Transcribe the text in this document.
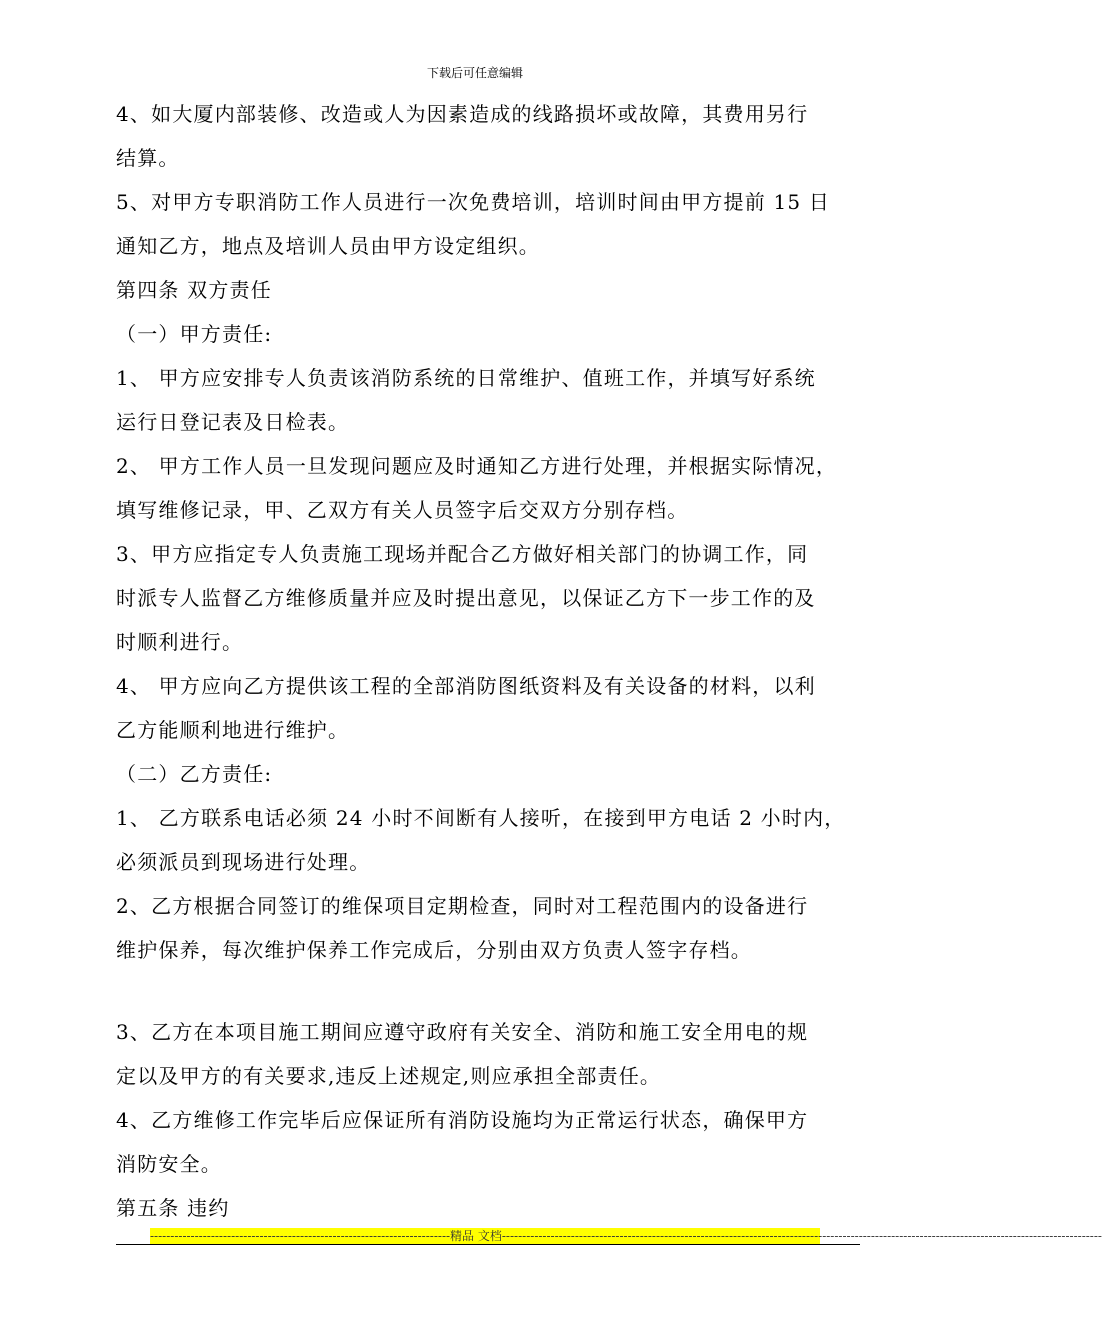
下载后可任意编辑
4、如大厦内部装修、改造或人为因素造成的线路损坏或故障，其费用另行
结算。
5、对甲方专职消防工作人员进行一次免费培训，培训时间由甲方提前 15 日
通知乙方，地点及培训人员由甲方设定组织。
第四条 双方责任
（一）甲方责任:
1、 甲方应安排专人负责该消防系统的日常维护、值班工作，并填写好系统
运行日登记表及日检表。
2、 甲方工作人员一旦发现问题应及时通知乙方进行处理，并根据实际情况，
填写维修记录，甲、乙双方有关人员签字后交双方分别存档。
3、甲方应指定专人负责施工现场并配合乙方做好相关部门的协调工作，同
时派专人监督乙方维修质量并应及时提出意见，以保证乙方下一步工作的及
时顺利进行。
4、 甲方应向乙方提供该工程的全部消防图纸资料及有关设备的材料，以利
乙方能顺利地进行维护。
（二）乙方责任:
1、 乙方联系电话必须 24 小时不间断有人接听，在接到甲方电话 2 小时内，
必须派员到现场进行处理。
2、乙方根据合同签订的维保项目定期检查，同时对工程范围内的设备进行
维护保养，每次维护保养工作完成后，分别由双方负责人签字存档。
3、乙方在本项目施工期间应遵守政府有关安全、消防和施工安全用电的规
定以及甲方的有关要求,违反上述规定,则应承担全部责任。
4、乙方维修工作完毕后应保证所有消防设施均为正常运行状态，确保甲方
消防安全。
第五条 违约
--------------------------------------------------------------------------精品 文档----------------------------------------------------------------------------------------------------------------------------------------------------
